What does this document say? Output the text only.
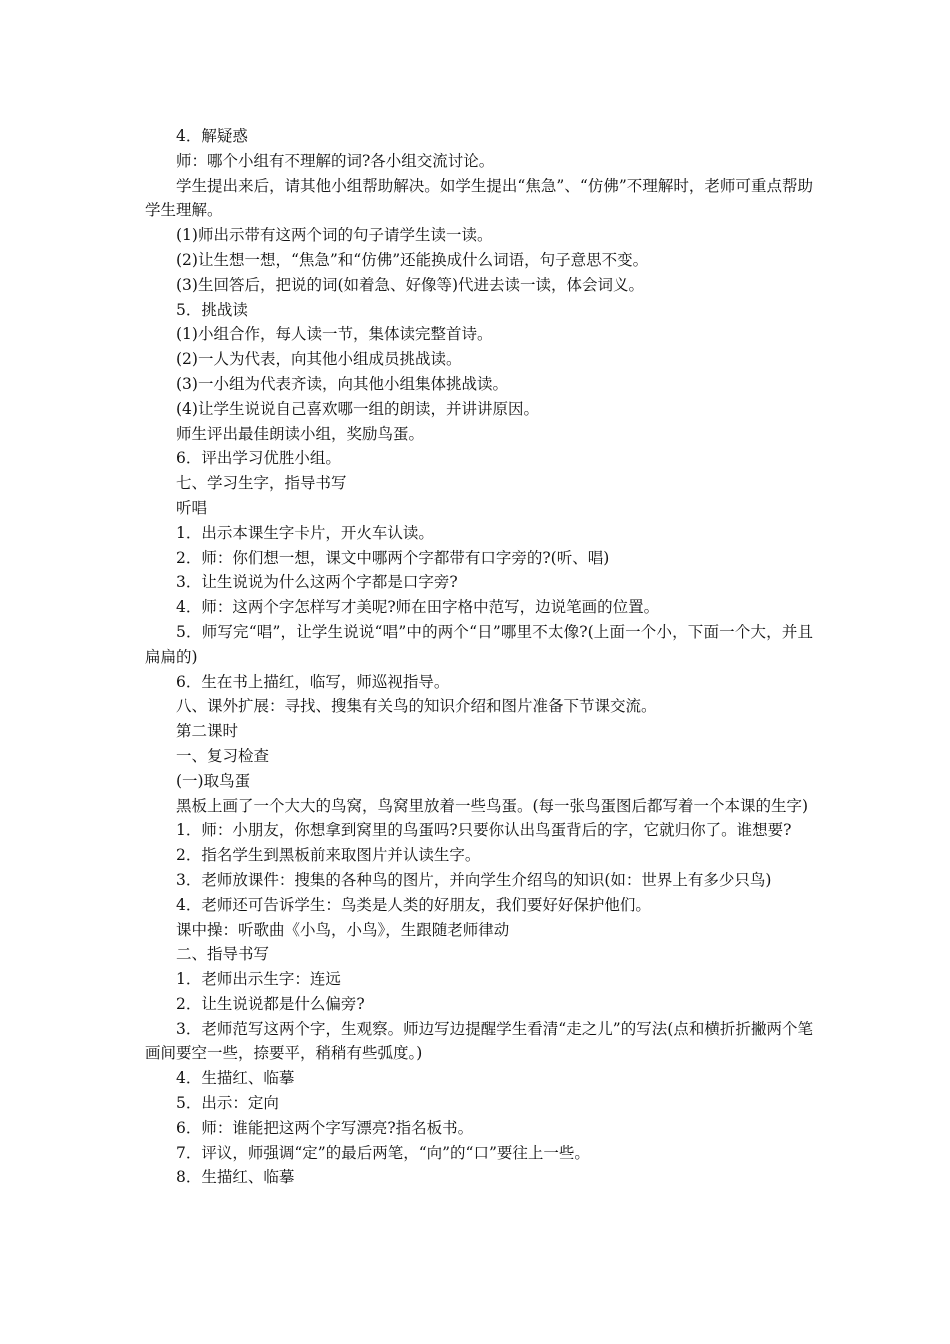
4．解疑惑

师：哪个小组有不理解的词?各小组交流讨论。

学生提出来后，请其他小组帮助解决。如学生提出“焦急”、“仿佛”不理解时，老师可重点帮助学生理解。

(1)师出示带有这两个词的句子请学生读一读。

(2)让生想一想，“焦急”和“仿佛”还能换成什么词语，句子意思不变。

(3)生回答后，把说的词(如着急、好像等)代进去读一读，体会词义。

5．挑战读

(1)小组合作，每人读一节，集体读完整首诗。

(2)一人为代表，向其他小组成员挑战读。

(3)一小组为代表齐读，向其他小组集体挑战读。

(4)让学生说说自己喜欢哪一组的朗读，并讲讲原因。

师生评出最佳朗读小组，奖励鸟蛋。

6．评出学习优胜小组。

七、学习生字，指导书写

听唱

1．出示本课生字卡片，开火车认读。

2．师：你们想一想，课文中哪两个字都带有口字旁的?(听、唱)

3．让生说说为什么这两个字都是口字旁?

4．师：这两个字怎样写才美呢?师在田字格中范写，边说笔画的位置。

5．师写完“唱”，让学生说说“唱”中的两个“日”哪里不太像?(上面一个小，下面一个大，并且扁扁的)

6．生在书上描红，临写，师巡视指导。

八、课外扩展：寻找、搜集有关鸟的知识介绍和图片准备下节课交流。

第二课时

一、复习检查

(一)取鸟蛋

黑板上画了一个大大的鸟窝，鸟窝里放着一些鸟蛋。(每一张鸟蛋图后都写着一个本课的生字)

1．师：小朋友，你想拿到窝里的鸟蛋吗?只要你认出鸟蛋背后的字，它就归你了。谁想要?

2．指名学生到黑板前来取图片并认读生字。

3．老师放课件：搜集的各种鸟的图片，并向学生介绍鸟的知识(如：世界上有多少只鸟)

4．老师还可告诉学生：鸟类是人类的好朋友，我们要好好保护他们。

课中操：听歌曲《小鸟，小鸟》，生跟随老师律动

二、指导书写

1．老师出示生字：连远

2．让生说说都是什么偏旁?

3．老师范写这两个字，生观察。师边写边提醒学生看清“走之儿”的写法(点和横折折撇两个笔画间要空一些，捺要平，稍稍有些弧度。)

4．生描红、临摹

5．出示：定向

6．师：谁能把这两个字写漂亮?指名板书。

7．评议，师强调“定”的最后两笔，“向”的“口”要往上一些。

8．生描红、临摹
